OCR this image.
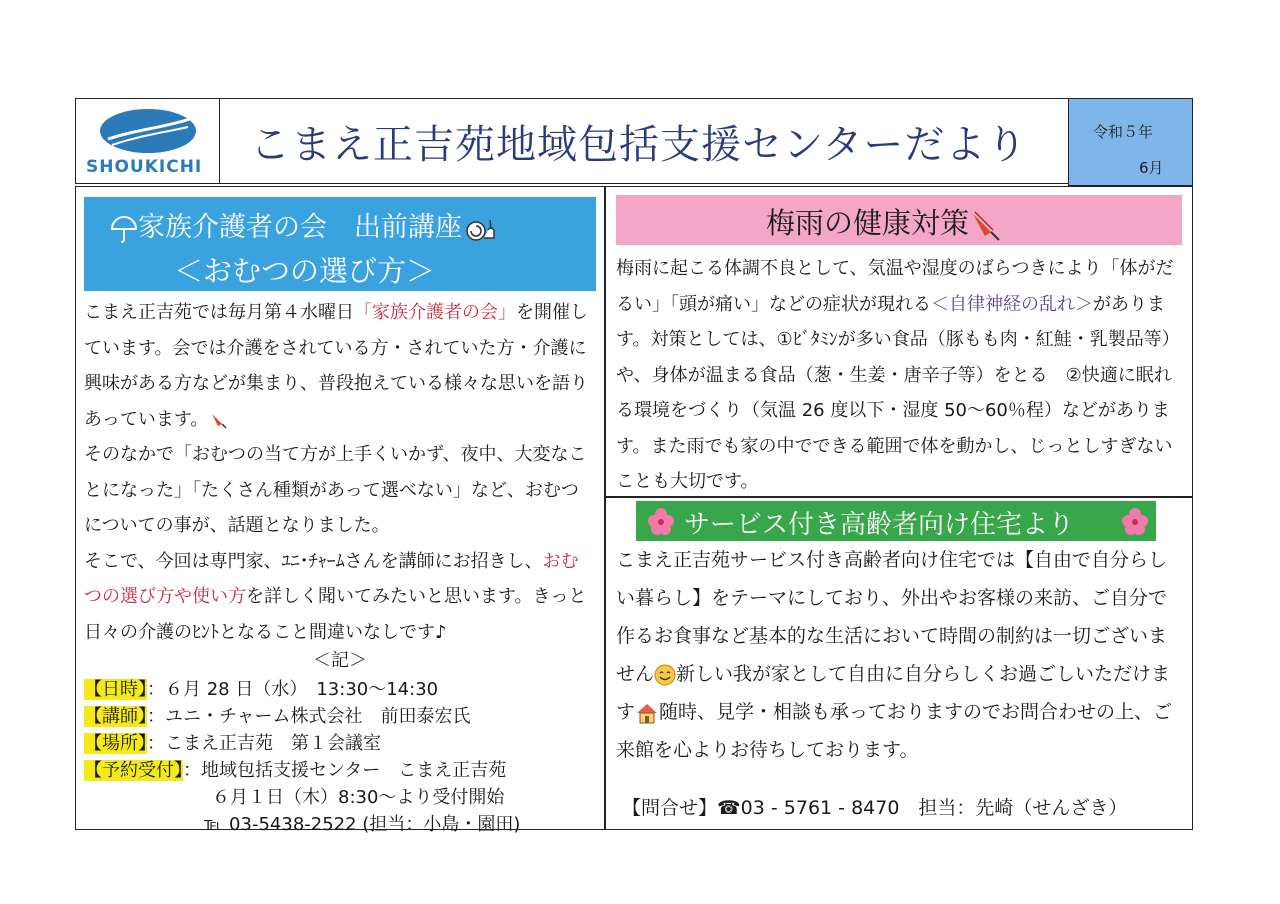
SHOUKICHI こまえ正吉苑地域包括支援センターだより	令和５年
6月
家族介護者の会　出前講座
＜おむつの選び方＞

こまえ正吉苑では毎月第４水曜日「家族介護者の会」を開催しています。会では介護をされている方・されていた方・介護に興味がある方などが集まり、普段抱えている様々な思いを語りあっています。

そのなかで「おむつの当て方が上手くいかず、夜中、大変なことになった」「たくさん種類があって選べない」など、おむつについての事が、話題となりました。

そこで、今回は専門家、ﾕﾆ･ﾁｬｰﾑさんを講師にお招きし、おむつの選び方や使い方を詳しく聞いてみたいと思います。きっと日々の介護のﾋﾝﾄとなること間違いなしです♪

＜記＞
【日時】：６月 28 日（水）　13:30～14:30
【講師】：ユニ・チャーム株式会社　前田泰宏氏
【場所】：こまえ正吉苑　第１会議室
【予約受付】：地域包括支援センター　こまえ正吉苑
６月１日（木）8:30～より受付開始
℡ 03-5438-2522 (担当：小島・園田)
梅雨の健康対策
梅雨に起こる体調不良として、気温や湿度のばらつきにより「体がだるい」「頭が痛い」などの症状が現れる＜自律神経の乱れ＞があります。対策としては、①ﾋﾞﾀﾐﾝが多い食品（豚もも肉・紅鮭・乳製品等）や、身体が温まる食品（葱・生姜・唐辛子等）をとる　②快適に眠れる環境をづくり（気温 26 度以下・湿度 50～60％程）などがあります。また雨でも家の中でできる範囲で体を動かし、じっとしすぎないことも大切です。
サービス付き高齢者向け住宅より
こまえ正吉苑サービス付き高齢者向け住宅では【自由で自分らしい暮らし】をテーマにしており、外出やお客様の来訪、ご自分で作るお食事など基本的な生活において時間の制約は一切ございません 新しい我が家として自由に自分らしくお過ごしいただけます 随時、見学・相談も承っておりますのでお問合わせの上、ご来館を心よりお待ちしております。
【問合せ】☎03 - 5761 - 8470　担当：先崎（せんざき）
